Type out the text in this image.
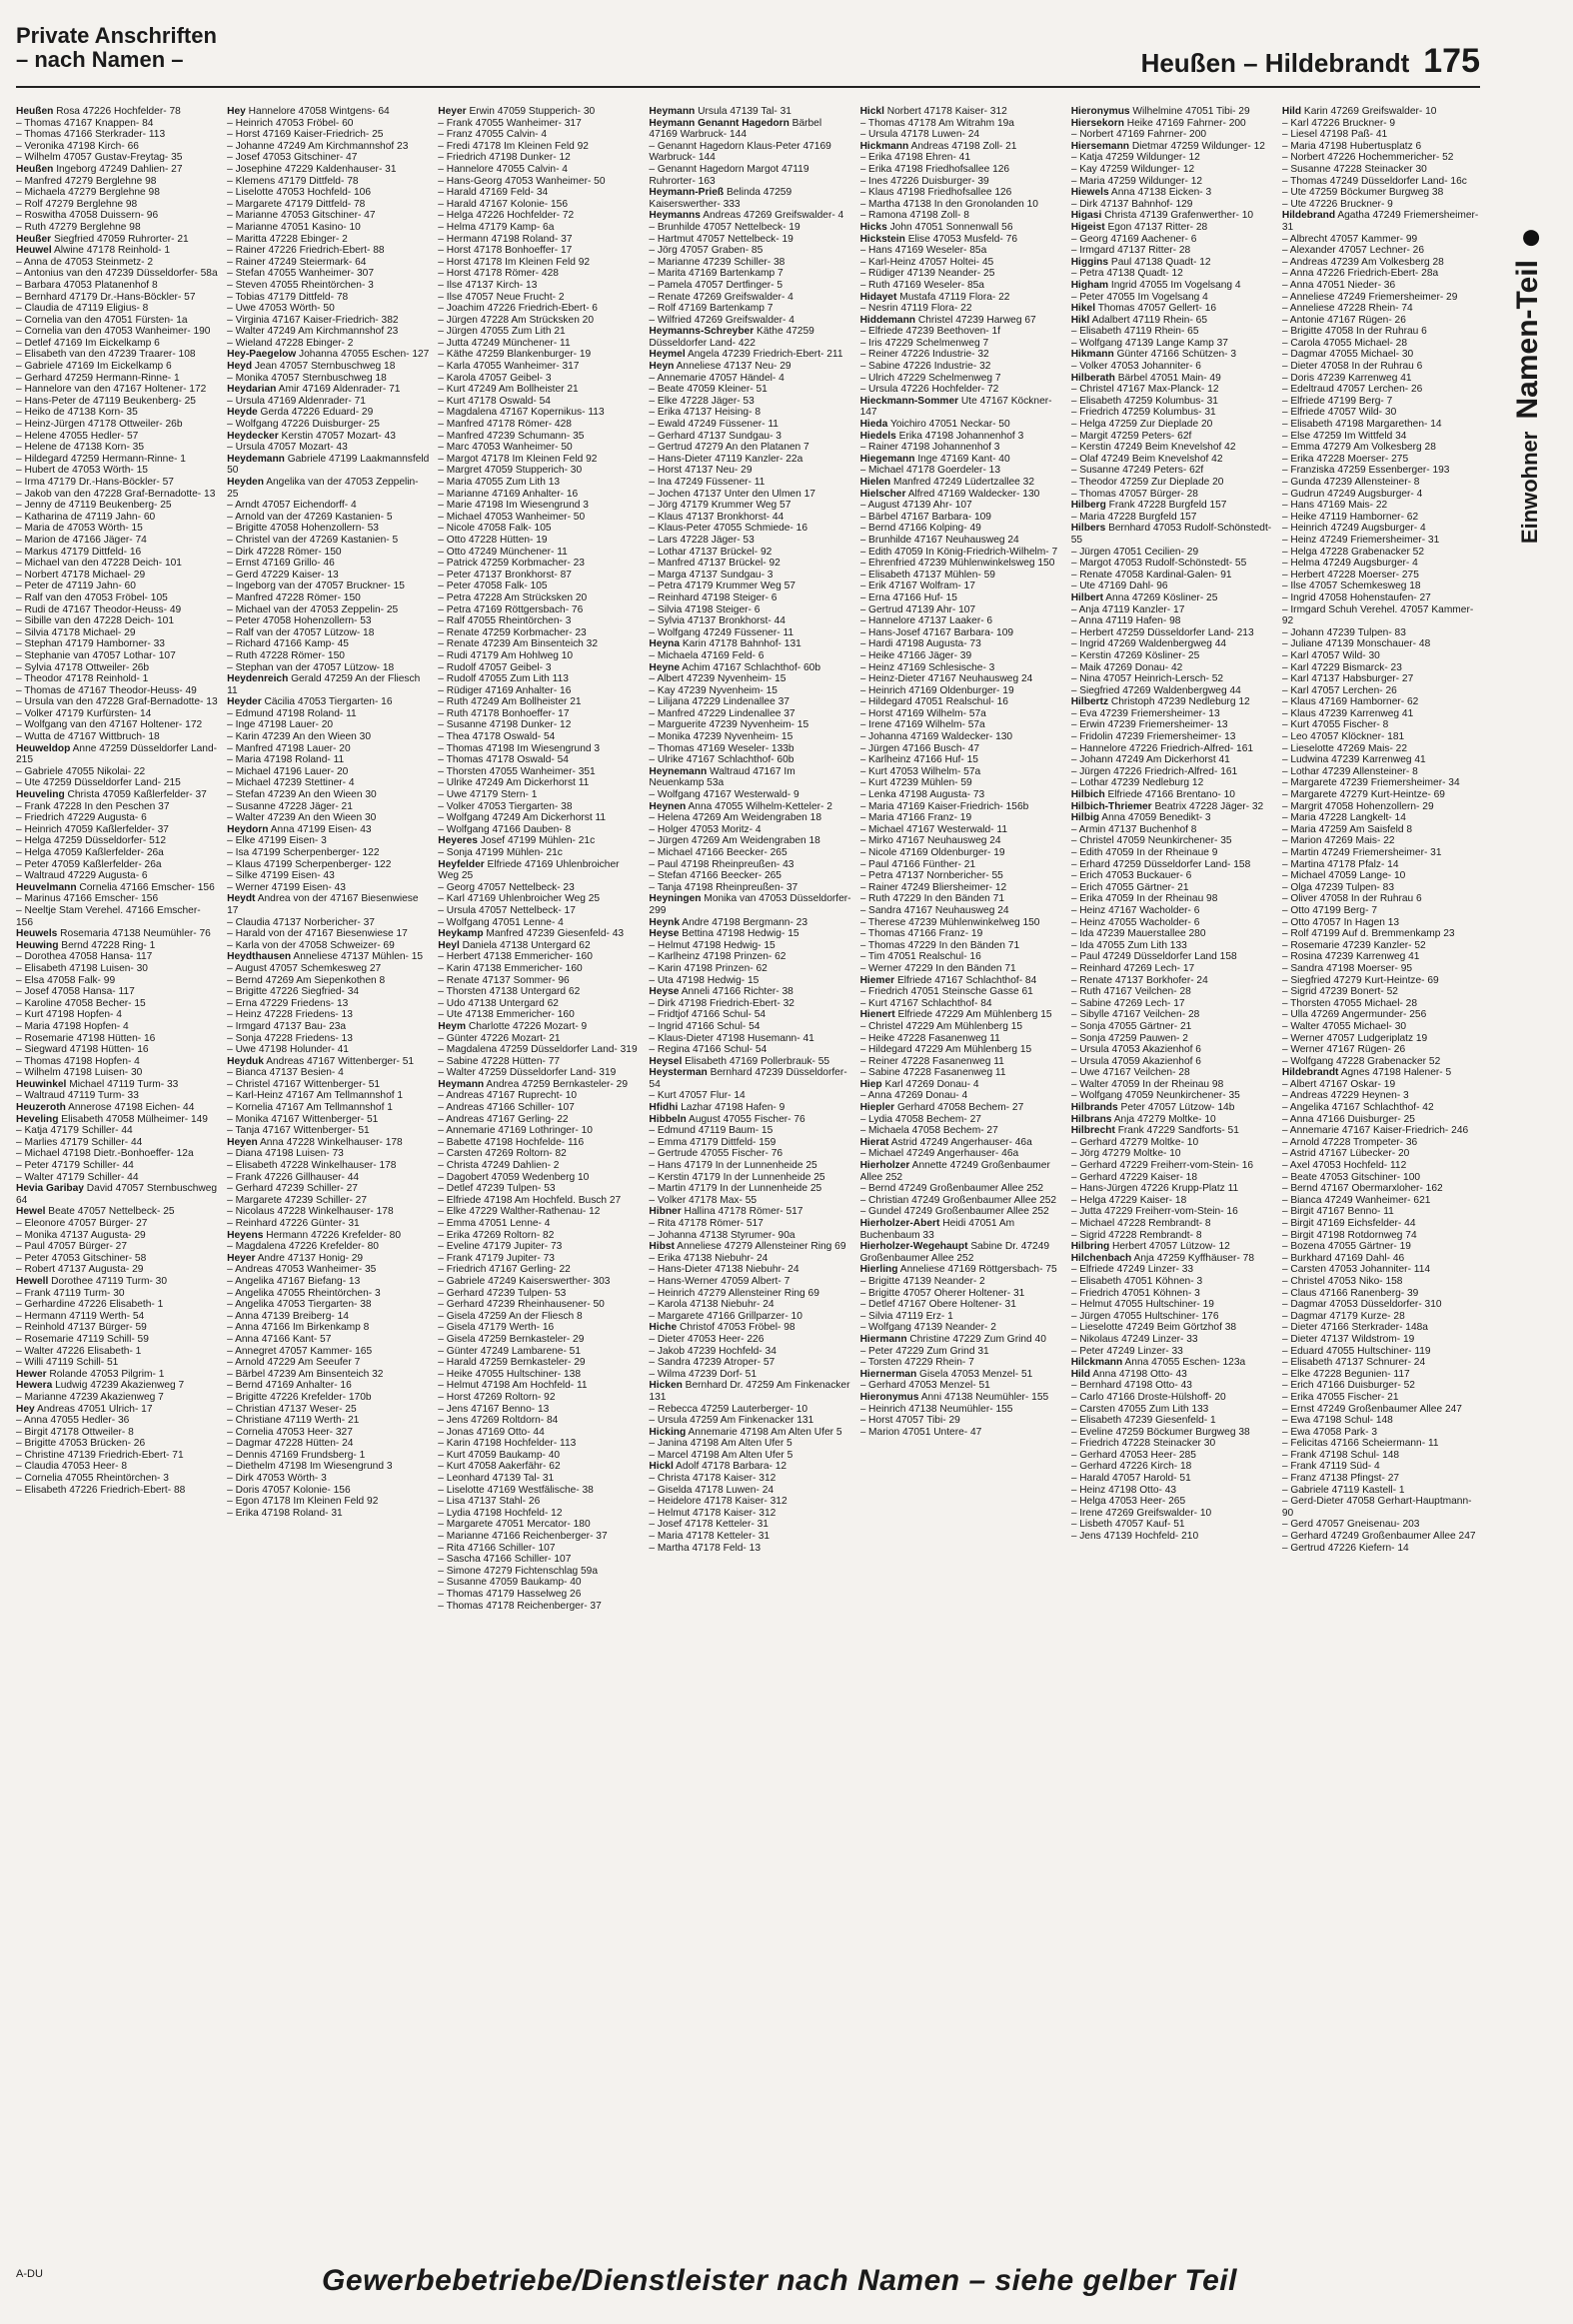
Private Anschriften
– nach Namen –	Heußen – Hildebrandt 175
Einwohner Namen-Teil
Heußen Rosa 47226 Hochfelder- 78
– Thomas 47167 Knappen- 84
– Thomas 47166 Sterkrader- 113
– Veronika 47198 Kirch- 66
– Wilhelm 47057 Gustav-Freytag- 35
Heußen Ingeborg 47249 Dahlien- 27
– Manfred 47279 Berglehne 98
– Michaela 47279 Berglehne 98
– Rolf 47279 Berglehne 98
– Roswitha 47058 Duissern- 96
– Ruth 47279 Berglehne 98
Heußer Siegfried 47059 Ruhrorter- 21
Heuwel Alwine 47178 Reinhold- 1
– Anna de 47053 Steinmetz- 2
– Antonius van den 47239 Düsseldorfer- 58a
– Barbara 47053 Platanenhof 8
– Bernhard 47179 Dr.-Hans-Böckler- 57
– Claudia de 47119 Eligius- 8
– Cornelia van den 47051 Fürsten- 1a
– Cornelia van den 47053 Wanheimer- 190
– Detlef 47169 Im Eickelkamp 6
– Elisabeth van den 47239 Traarer- 108
– Gabriele 47169 Im Eickelkamp 6
– Gerhard 47259 Hermann-Rinne- 1
– Hannelore van den 47167 Holtener- 172
– Hans-Peter de 47119 Beukenberg- 25
– Heiko de 47138 Korn- 35
– Heinz-Jürgen 47178 Ottweiler- 26b
– Helene 47055 Hedler- 57
– Helene de 47138 Korn- 35
– Hildegard 47259 Hermann-Rinne- 1
– Hubert de 47053 Wörth- 15
– Irma 47179 Dr.-Hans-Böckler- 57
– Jakob van den 47228 Graf-Bernadotte- 13
– Jenny de 47119 Beukenberg- 25
– Katharina de 47119 Jahn- 60
– Maria de 47053 Wörth- 15
– Marion de 47166 Jäger- 74
– Markus 47179 Dittfeld- 16
– Michael van den 47228 Deich- 101
– Norbert 47178 Michael- 29
– Peter de 47119 Jahn- 60
– Ralf van den 47053 Fröbel- 105
– Rudi de 47167 Theodor-Heuss- 49
– Sibille van den 47228 Deich- 101
– Silvia 47178 Michael- 29
– Stephan 47179 Hamborner- 33
– Stephanie van 47057 Lothar- 107
– Sylvia 47178 Ottweiler- 26b
– Theodor 47178 Reinhold- 1
– Thomas de 47167 Theodor-Heuss- 49
– Ursula van den 47228 Graf-Bernadotte- 13
– Volker 47179 Kurfürsten- 14
– Wolfgang van den 47167 Holtener- 172
– Wutta de 47167 Wittbruch- 18
Heuweldop Anne 47259 Düsseldorfer Land- 215
– Gabriele 47055 Nikolai- 22
– Ute 47259 Düsseldorfer Land- 215
Heuveling Christa 47059 Kaßlerfelder- 37
– Frank 47228 In den Peschen 37
– Friedrich 47229 Augusta- 6
– Heinrich 47059 Kaßlerfelder- 37
– Helga 47259 Düsseldorfer- 512
– Helga 47059 Kaßlerfelder- 26a
– Peter 47059 Kaßlerfelder- 26a
– Waltraud 47229 Augusta- 6
Heuvelmann Cornelia 47166 Emscher- 156
– Marinus 47166 Emscher- 156
– Neeltje Stam Verehel. 47166 Emscher- 156
Heuwels Rosemaria 47138 Neumühler- 76
Heuwing Bernd 47228 Ring- 1
– Dorothea 47058 Hansa- 117
– Elisabeth 47198 Luisen- 30
– Elsa 47058 Falk- 99
– Josef 47058 Hansa- 117
– Karoline 47058 Becher- 15
– Kurt 47198 Hopfen- 4
– Maria 47198 Hopfen- 4
– Rosemarie 47198 Hütten- 16
– Siegward 47198 Hütten- 16
– Thomas 47198 Hopfen- 4
– Wilhelm 47198 Luisen- 30
Heuwinkel Michael 47119 Turm- 33
– Waltraud 47119 Turm- 33
Heuzeroth Annerose 47198 Eichen- 44
Heveling Elisabeth 47058 Mülheimer- 149
– Katja 47179 Schiller- 44
– Marlies 47179 Schiller- 44
– Michael 47198 Dietr.-Bonhoeffer- 12a
– Peter 47179 Schiller- 44
– Walter 47179 Schiller- 44
Hevia Garibay David 47057 Sternbuschweg 64
Hewel Beate 47057 Nettelbeck- 25
– Eleonore 47057 Bürger- 27
– Monika 47137 Augusta- 29
– Paul 47057 Bürger- 27
– Peter 47053 Gitschiner- 58
– Robert 47137 Augusta- 29
Hewell Dorothee 47119 Turm- 30
– Frank 47119 Turm- 30
– Gerhardine 47226 Elisabeth- 1
– Hermann 47119 Werth- 54
– Reinhold 47137 Bürger- 59
– Rosemarie 47119 Schill- 59
– Walter 47226 Elisabeth- 1
– Willi 47119 Schill- 51
Hewer Rolande 47053 Pilgrim- 1
Hewera Ludwig 47239 Akazienweg 7
– Marianne 47239 Akazienweg 7
Hey Andreas 47051 Ulrich- 17
– Anna 47055 Hedler- 36
– Birgit 47178 Ottweiler- 8
– Brigitte 47053 Brücken- 26
– Christine 47139 Friedrich-Ebert- 71
– Claudia 47053 Heer- 8
– Cornelia 47055 Rheintörchen- 3
– Elisabeth 47226 Friedrich-Ebert- 88
Hey Hannelore 47058 Wintgens- 64
– Heinrich 47053 Fröbel- 60
– Horst 47169 Kaiser-Friedrich- 25
– Johanne 47249 Am Kirchmannshof 23
– Josef 47053 Gitschiner- 47
– Josephine 47229 Kaldenhauser- 31
– Klemens 47179 Dittfeld- 78
– Liselotte 47053 Hochfeld- 106
– Margarete 47179 Dittfeld- 78
– Marianne 47053 Gitschiner- 47
– Marianne 47051 Kasino- 10
– Maritta 47228 Ebinger- 2
– Rainer 47226 Friedrich-Ebert- 88
– Rainer 47249 Steiermark- 64
– Stefan 47055 Wanheimer- 307
– Steven 47055 Rheintörchen- 3
– Tobias 47179 Dittfeld- 78
– Uwe 47053 Wörth- 50
– Virginia 47167 Kaiser-Friedrich- 382
– Walter 47249 Am Kirchmannshof 23
– Wieland 47228 Ebinger- 2
Hey-Paegelow Johanna 47055 Eschen- 127
Heyd Jean 47057 Sternbuschweg 18
– Monika 47057 Sternbuschweg 18
Heydarian Amir 47169 Aldenrader- 71
– Ursula 47169 Aldenrader- 71
Heyde Gerda 47226 Eduard- 29
– Wolfgang 47226 Duisburger- 25
Heydecker Kerstin 47057 Mozart- 43
– Ursula 47057 Mozart- 43
Heydemann Gabriele 47199 Laakmannsfeld 50
Heyden Angelika van der 47053 Zeppelin- 25
– Arndt 47057 Eichendorff- 4
– Arnold van der 47269 Kastanien- 5
– Brigitte 47058 Hohenzollern- 53
– Christel van der 47269 Kastanien- 5
– Dirk 47228 Römer- 150
– Ernst 47169 Grillo- 46
– Gerd 47229 Kaiser- 13
– Ingeborg van der 47057 Bruckner- 15
– Manfred 47228 Römer- 150
– Michael van der 47053 Zeppelin- 25
– Peter 47058 Hohenzollern- 53
– Ralf van der 47057 Lützow- 18
– Richard 47166 Kamp- 45
– Ruth 47228 Römer- 150
– Stephan van der 47057 Lützow- 18
Heydenreich Gerald 47259 An der Fliesch 11
Heyder Cäcilia 47053 Tiergarten- 16
– Edmund 47198 Roland- 11
– Inge 47198 Lauer- 20
– Karin 47239 An den Wieen 30
– Manfred 47198 Lauer- 20
– Maria 47198 Roland- 11
– Michael 47196 Lauer- 20
– Michael 47239 Stettiner- 4
– Stefan 47239 An den Wieen 30
– Susanne 47228 Jäger- 21
– Walter 47239 An den Wieen 30
Heydorn Anna 47199 Eisen- 43
– Elke 47199 Eisen- 3
– Isa 47199 Scherpenberger- 122
– Klaus 47199 Scherpenberger- 122
– Silke 47199 Eisen- 43
– Werner 47199 Eisen- 43
Heydt Andrea von der 47167 Biesenwiese 17
– Claudia 47137 Norbericher- 37
– Harald von der 47167 Biesenwiese 17
– Karla von der 47058 Schweizer- 69
Heydthausen Anneliese 47137 Mühlen- 15
– August 47057 Schemkesweg 27
– Bernd 47269 Am Siepenkothen 8
– Brigitte 47226 Siegfried- 34
– Erna 47229 Friedens- 13
– Heinz 47228 Friedens- 13
– Irmgard 47137 Bau- 23a
– Sonja 47228 Friedens- 13
– Uwe 47198 Holunder- 41
Heyduk Andreas 47167 Wittenberger- 51
– Bianca 47137 Besien- 4
– Christel 47167 Wittenberger- 51
– Karl-Heinz 47167 Am Tellmannshof 1
– Kornelia 47167 Am Tellmannshof 1
– Monika 47167 Wittenberger- 51
– Tanja 47167 Wittenberger- 51
Heyen Anna 47228 Winkelhauser- 178
– Diana 47198 Luisen- 73
– Elisabeth 47228 Winkelhauser- 178
– Frank 47226 Gillhauser- 44
– Gerhard 47239 Schiller- 27
– Margarete 47239 Schiller- 27
– Nicolaus 47228 Winkelhauser- 178
– Reinhard 47226 Günter- 31
Heyens Hermann 47226 Krefelder- 80
– Magdalena 47226 Krefelder- 80
Heyer Andre 47137 Honig- 29
– Andreas 47053 Wanheimer- 35
– Angelika 47167 Biefang- 13
– Angelika 47055 Rheintörchen- 3
– Angelika 47053 Tiergarten- 38
– Anna 47139 Breiberg- 14
– Anna 47166 Im Birkenkamp 8
– Anna 47166 Kant- 57
– Annegret 47057 Kammer- 165
– Arnold 47229 Am Seeufer 7
– Bärbel 47239 Am Binsenteich 32
– Bernd 47169 Anhalter- 16
– Brigitte 47226 Krefelder- 170b
– Christian 47137 Weser- 25
– Christiane 47119 Werth- 21
– Cornelia 47053 Heer- 327
– Dagmar 47228 Hütten- 24
– Dennis 47169 Frundsberg- 1
– Diethelm 47198 Im Wiesengrund 3
– Dirk 47053 Wörth- 3
– Doris 47057 Kolonie- 156
– Egon 47178 Im Kleinen Feld 92
– Erika 47198 Roland- 31
Heyer Erwin 47059 Stupperich- 30
– Frank 47055 Wanheimer- 317
– Franz 47055 Calvin- 4
– Fredi 47178 Im Kleinen Feld 92
– Friedrich 47198 Dunker- 12
– Hannelore 47055 Calvin- 4
– Hans-Georg 47053 Wanheimer- 50
– Harald 47169 Feld- 34
– Harald 47167 Kolonie- 156
– Helga 47226 Hochfelder- 72
– Helma 47179 Kamp- 6a
– Hermann 47198 Roland- 37
– Horst 47178 Bonhoeffer- 17
– Horst 47178 Im Kleinen Feld 92
– Horst 47178 Römer- 428
– Ilse 47137 Kirch- 13
– Ilse 47057 Neue Frucht- 2
– Joachim 47226 Friedrich-Ebert- 6
– Jürgen 47228 Am Strücksken 20
– Jürgen 47055 Zum Lith 21
– Jutta 47249 Münchener- 11
– Käthe 47259 Blankenburger- 19
– Karla 47055 Wanheimer- 317
– Karola 47057 Geibel- 3
– Kurt 47249 Am Bollheister 21
– Kurt 47178 Oswald- 54
– Magdalena 47167 Kopernikus- 113
– Manfred 47178 Römer- 428
– Manfred 47239 Schumann- 35
– Marc 47053 Wanheimer- 50
– Margot 47178 Im Kleinen Feld 92
– Margret 47059 Stupperich- 30
– Maria 47055 Zum Lith 13
– Marianne 47169 Anhalter- 16
– Marie 47198 Im Wiesengrund 3
– Michael 47053 Wanheimer- 50
– Nicole 47058 Falk- 105
– Otto 47228 Hütten- 19
– Otto 47249 Münchener- 11
– Patrick 47259 Korbmacher- 23
– Peter 47137 Bronkhorst- 87
– Peter 47058 Falk- 105
– Petra 47228 Am Strücksken 20
– Petra 47169 Röttgersbach- 76
– Ralf 47055 Rheintörchen- 3
– Renate 47259 Korbmacher- 23
– Renate 47239 Am Binsenteich 32
– Rudi 47179 Am Hohlweg 10
– Rudolf 47057 Geibel- 3
– Rudolf 47055 Zum Lith 113
– Rüdiger 47169 Anhalter- 16
– Ruth 47249 Am Bollheister 21
– Ruth 47178 Bonhoeffer- 17
– Susanne 47198 Dunker- 12
– Thea 47178 Oswald- 54
– Thomas 47198 Im Wiesengrund 3
– Thomas 47178 Oswald- 54
– Thorsten 47055 Wanheimer- 351
– Ulrike 47249 Am Dickerhorst 11
– Uwe 47179 Stern- 1
– Volker 47053 Tiergarten- 38
– Wolfgang 47249 Am Dickerhorst 11
– Wolfgang 47166 Dauben- 8
Heyeres Josef 47199 Mühlen- 21c
– Sonja 47199 Mühlen- 21c
Heyfelder Elfriede 47169 Uhlenbroicher Weg 25
– Georg 47057 Nettelbeck- 23
– Karl 47169 Uhlenbroicher Weg 25
– Ursula 47057 Nettelbeck- 17
– Wolfgang 47051 Lenne- 4
Heykamp Manfred 47239 Giesenfeld- 43
Heyl Daniela 47138 Untergard 62
– Herbert 47138 Emmericher- 160
– Karin 47138 Emmericher- 160
– Renate 47137 Sommer- 96
– Thorsten 47138 Untergard 62
– Udo 47138 Untergard 62
– Ute 47138 Emmericher- 160
Heym Charlotte 47226 Mozart- 9
– Günter 47226 Mozart- 21
– Magdalena 47259 Düsseldorfer Land- 319
– Sabine 47228 Hütten- 77
– Walter 47259 Düsseldorfer Land- 319
Heymann Andrea 47259 Bernkasteler- 29
– Andreas 47167 Ruprecht- 10
– Andreas 47166 Schiller- 107
– Andreas 47167 Gerling- 22
– Annemarie 47169 Lothringer- 10
– Babette 47198 Hochfelde- 116
– Carsten 47269 Roltorn- 82
– Christa 47249 Dahlien- 2
– Dagobert 47059 Wedenberg 10
– Detlef 47239 Tulpen- 53
– Elfriede 47198 Am Hochfeld. Busch 27
– Elke 47229 Walther-Rathenau- 12
– Emma 47051 Lenne- 4
– Erika 47269 Roltorn- 82
– Eveline 47179 Jupiter- 73
– Frank 47179 Jupiter- 73
– Friedrich 47167 Gerling- 22
– Gabriele 47249 Kaiserswerther- 303
– Gerhard 47239 Tulpen- 53
– Gerhard 47239 Rheinhausener- 50
– Gisela 47259 An der Fliesch 8
– Gisela 47179 Werth- 16
– Gisela 47259 Bernkasteler- 29
– Günter 47249 Lambarene- 51
– Harald 47259 Bernkasteler- 29
– Heike 47055 Hultschiner- 138
– Helmut 47198 Am Hochfeld- 11
– Horst 47269 Roltorn- 92
– Jens 47167 Benno- 13
– Jens 47269 Roltdorn- 84
– Jonas 47169 Otto- 44
– Karin 47198 Hochfelder- 113
– Kurt 47059 Baukamp- 40
– Kurt 47058 Aakerfähr- 62
– Leonhard 47139 Tal- 31
– Liselotte 47169 Westfälische- 38
– Lisa 47137 Stahl- 26
– Lydia 47198 Hochfeld- 12
– Margarete 47051 Mercator- 180
– Marianne 47166 Reichenberger- 37
– Rita 47166 Schiller- 107
– Sascha 47166 Schiller- 107
– Simone 47279 Fichtenschlag 59a
– Susanne 47059 Baukamp- 40
– Thomas 47179 Hasselweg 26
– Thomas 47178 Reichenberger- 37
Heymann Ursula 47139 Tal- 31
Heymann Genannt Hagedorn Bärbel 47169 Warbruck- 144
– Genannt Hagedorn Klaus-Peter 47169 Warbruck- 144
– Genannt Hagedorn Margot 47119 Ruhrorter- 163
Heymann-Prieß Belinda 47259 Kaiserswerther- 333
Heymanns Andreas 47269 Greifswalder- 4
– Brunhilde 47057 Nettelbeck- 19
– Hartmut 47057 Nettelbeck- 19
– Jörg 47057 Graben- 85
– Marianne 47239 Schiller- 38
– Marita 47169 Bartenkamp 7
– Pamela 47057 Dertfinger- 5
– Renate 47269 Greifswalder- 4
– Rolf 47169 Bartenkamp 7
– Wilfried 47269 Greifswalder- 4
Heymanns-Schreyber Käthe 47259 Düsseldorfer Land- 422
Heymel Angela 47239 Friedrich-Ebert- 211
Heyn Anneliese 47137 Neu- 29
– Annemarie 47057 Händel- 4
– Beate 47059 Kleiner- 51
– Elke 47228 Jäger- 53
– Erika 47137 Heising- 8
– Ewald 47249 Füssener- 11
– Gerhard 47137 Sundgau- 3
– Gertrud 47279 An den Platanen 7
– Hans-Dieter 47119 Kanzler- 22a
– Horst 47137 Neu- 29
– Ina 47249 Füssener- 11
– Jochen 47137 Unter den Ulmen 17
– Jörg 47179 Krummer Weg 57
– Klaus 47137 Bronkhorst- 44
– Klaus-Peter 47055 Schmiede- 16
– Lars 47228 Jäger- 53
– Lothar 47137 Brückel- 92
– Manfred 47137 Brückel- 92
– Marga 47137 Sundgau- 3
– Petra 47179 Krummer Weg 57
– Reinhard 47198 Steiger- 6
– Silvia 47198 Steiger- 6
– Sylvia 47137 Bronkhorst- 44
– Wolfgang 47249 Füssener- 11
Heyna Karin 47178 Bahnhof- 131
– Michaela 47169 Feld- 6
Heyne Achim 47167 Schlachthof- 60b
– Albert 47239 Nyvenheim- 15
– Kay 47239 Nyvenheim- 15
– Lilijana 47229 Lindenallee 37
– Manfred 47229 Lindenallee 37
– Marguerite 47239 Nyvenheim- 15
– Monika 47239 Nyvenheim- 15
– Thomas 47169 Weseler- 133b
– Ulrike 47167 Schlachthof- 60b
Heynemann Waltraud 47167 Im Neuenkamp 53a
– Wolfgang 47167 Westerwald- 9
Heynen Anna 47055 Wilhelm-Ketteler- 2
– Helena 47269 Am Weidengraben 18
– Holger 47053 Moritz- 4
– Jürgen 47269 Am Weidengraben 18
– Michael 47166 Beecker- 265
– Paul 47198 Rheinpreußen- 43
– Stefan 47166 Beecker- 265
– Tanja 47198 Rheinpreußen- 37
Heyningen Monika van 47053 Düsseldorfer- 299
Heynk Andre 47198 Bergmann- 23
Heyse Bettina 47198 Hedwig- 15
– Helmut 47198 Hedwig- 15
– Karlheinz 47198 Prinzen- 62
– Karin 47198 Prinzen- 62
– Uta 47198 Hedwig- 15
Heyse Anneli 47166 Richter- 38
– Dirk 47198 Friedrich-Ebert- 32
– Fridtjof 47166 Schul- 54
– Ingrid 47166 Schul- 54
– Klaus-Dieter 47198 Husemann- 41
– Regina 47166 Schul- 54
Heysel Elisabeth 47169 Pollerbrauk- 55
Heysterman Bernhard 47239 Düsseldorfer- 54
– Kurt 47057 Flur- 14
Hfidhi Lazhar 47198 Hafen- 9
Hibbeln August 47055 Fischer- 76
– Edmund 47119 Baum- 15
– Emma 47179 Dittfeld- 159
– Gertrude 47055 Fischer- 76
– Hans 47179 In der Lunnenheide 25
– Kerstin 47179 In der Lunnenheide 25
– Martin 47179 In der Lunnenheide 25
– Volker 47178 Max- 55
Hibner Hallina 47178 Römer- 517
– Rita 47178 Römer- 517
– Johanna 47138 Styrumer- 90a
Hibst Anneliese 47279 Allensteiner Ring 69
– Erika 47138 Niebuhr- 24
– Hans-Dieter 47138 Niebuhr- 24
– Hans-Werner 47059 Albert- 7
– Heinrich 47279 Allensteiner Ring 69
– Karola 47138 Niebuhr- 24
– Margarete 47166 Grillparzer- 10
Hiche Christof 47053 Fröbel- 98
– Dieter 47053 Heer- 226
– Jakob 47239 Hochfeld- 34
– Sandra 47239 Atroper- 57
– Wilma 47239 Dorf- 51
Hicken Bernhard Dr. 47259 Am Finkenacker 131
– Rebecca 47259 Lauterberger- 10
– Ursula 47259 Am Finkenacker 131
Hicking Annemarie 47198 Am Alten Ufer 5
– Janina 47198 Am Alten Ufer 5
– Marcel 47198 Am Alten Ufer 5
Hickl Adolf 47178 Barbara- 12
– Christa 47178 Kaiser- 312
– Giselda 47178 Luwen- 24
– Heidelore 47178 Kaiser- 312
– Helmut 47178 Kaiser- 312
– Josef 47178 Ketteler- 31
– Maria 47178 Ketteler- 31
– Martha 47178 Feld- 13
Hickl Norbert 47178 Kaiser- 312
– Thomas 47178 Am Witrahm 19a
– Ursula 47178 Luwen- 24
Hickmann Andreas 47198 Zoll- 21
– Erika 47198 Ehren- 41
– Erika 47198 Friedhofsallee 126
– Ines 47226 Duisburger- 39
– Klaus 47198 Friedhofsallee 126
– Martha 47138 In den Gronolanden 10
– Ramona 47198 Zoll- 8
Hicks John 47051 Sonnenwall 56
Hickstein Elise 47053 Musfeld- 76
– Hans 47169 Weseler- 85a
– Karl-Heinz 47057 Holtei- 45
– Rüdiger 47139 Neander- 25
– Ruth 47169 Weseler- 85a
Hidayet Mustafa 47119 Flora- 22
– Nesrin 47119 Flora- 22
Hiddemann Christel 47239 Harweg 67
– Elfriede 47239 Beethoven- 1f
– Iris 47229 Schelmenweg 7
– Reiner 47226 Industrie- 32
– Sabine 47226 Industrie- 32
– Ulrich 47229 Schelmenweg 7
– Ursula 47226 Hochfelder- 72
Hieckmann-Sommer Ute 47167 Köckner- 147
Hieda Yoichiro 47051 Neckar- 50
Hiedels Erika 47198 Johannenhof 3
– Rainer 47198 Johannenhof 3
Hiegemann Inge 47169 Kant- 40
– Michael 47178 Goerdeler- 13
Hielen Manfred 47249 Lüdertzallee 32
Hielscher Alfred 47169 Waldecker- 130
– August 47139 Ahr- 107
– Bärbel 47167 Barbara- 109
– Bernd 47166 Kolping- 49
– Brunhilde 47167 Neuhausweg 24
– Edith 47059 In König-Friedrich-Wilhelm- 7
– Ehrenfried 47239 Mühlenwinkelsweg 150
– Elisabeth 47137 Mühlen- 59
– Erik 47167 Wolfram- 17
– Erna 47166 Huf- 15
– Gertrud 47139 Ahr- 107
– Hannelore 47137 Laaker- 6
– Hans-Josef 47167 Barbara- 109
– Hardi 47198 Augusta- 73
– Heike 47166 Jäger- 39
– Heinz 47169 Schlesische- 3
– Heinz-Dieter 47167 Neuhausweg 24
– Heinrich 47169 Oldenburger- 19
– Hildegard 47051 Realschul- 16
– Horst 47169 Wilhelm- 57a
– Irene 47169 Wilhelm- 57a
– Johanna 47169 Waldecker- 130
– Jürgen 47166 Busch- 47
– Karlheinz 47166 Huf- 15
– Kurt 47053 Wilhelm- 57a
– Kurt 47239 Mühlen- 59
– Lenka 47198 Augusta- 73
– Maria 47169 Kaiser-Friedrich- 156b
– Maria 47166 Franz- 19
– Michael 47167 Westerwald- 11
– Mirko 47167 Neuhausweg 24
– Nicole 47169 Oldenburger- 19
– Paul 47166 Fünther- 21
– Petra 47137 Nornbericher- 55
– Rainer 47249 Bliersheimer- 12
– Ruth 47229 In den Bänden 71
– Sandra 47167 Neuhausweg 24
– Therese 47239 Mühlenwinkelweg 150
– Thomas 47166 Franz- 19
– Thomas 47229 In den Bänden 71
– Tim 47051 Realschul- 16
– Werner 47229 In den Bänden 71
Hiemer Elfriede 47167 Schlachthof- 84
– Friedrich 47051 Steinsche Gasse 61
– Kurt 47167 Schlachthof- 84
Hienert Elfriede 47229 Am Mühlenberg 15
– Christel 47229 Am Mühlenberg 15
– Heike 47228 Fasanenweg 11
– Hildegard 47229 Am Mühlenberg 15
– Reiner 47228 Fasanenweg 11
– Sabine 47228 Fasanenweg 11
Hiep Karl 47269 Donau- 4
– Anna 47269 Donau- 4
Hiepler Gerhard 47058 Bechem- 27
– Lydia 47058 Bechem- 27
– Michaela 47058 Bechem- 27
Hierat Astrid 47249 Angerhauser- 46a
– Michael 47249 Angerhauser- 46a
Hierholzer Annette 47249 Großenbaumer Allee 252
– Bernd 47249 Großenbaumer Allee 252
– Christian 47249 Großenbaumer Allee 252
– Gundel 47249 Großenbaumer Allee 252
Hierholzer-Abert Heidi 47051 Am Buchenbaum 33
Hierholzer-Wegehaupt Sabine Dr. 47249 Großenbaumer Allee 252
Hierling Anneliese 47169 Röttgersbach- 75
– Brigitte 47139 Neander- 2
– Brigitte 47057 Oherer Holtener- 31
– Detlef 47167 Obere Holtener- 31
– Silvia 47119 Erz- 1
– Wolfgang 47139 Neander- 2
Hiermann Christine 47229 Zum Grind 40
– Peter 47229 Zum Grind 31
– Torsten 47229 Rhein- 7
Hiernerman Gisela 47053 Menzel- 51
– Gerhard 47053 Menzel- 51
Hieronymus Anni 47138 Neumühler- 155
– Heinrich 47138 Neumühler- 155
– Horst 47057 Tibi- 29
– Marion 47051 Untere- 47
Hieronymus Wilhelmine 47051 Tibi- 29
Hiersekorn Heike 47169 Fahrner- 200
– Norbert 47169 Fahrner- 200
Hiersemann Dietmar 47259 Wildunger- 12
– Katja 47259 Wildunger- 12
– Kay 47259 Wildunger- 12
– Maria 47259 Wildunger- 12
Hiewels Anna 47138 Eicken- 3
– Dirk 47137 Bahnhof- 129
Higasi Christa 47139 Grafenwerther- 10
Higeist Egon 47137 Ritter- 28
– Georg 47169 Aachener- 6
– Irmgard 47137 Ritter- 28
Higgins Paul 47138 Quadt- 12
– Petra 47138 Quadt- 12
Higham Ingrid 47055 Im Vogelsang 4
– Peter 47055 Im Vogelsang 4
Hikel Thomas 47057 Gellert- 16
Hikl Adalbert 47119 Rhein- 65
– Elisabeth 47119 Rhein- 65
– Wolfgang 47139 Lange Kamp 37
Hikmann Günter 47166 Schützen- 3
– Volker 47053 Johanniter- 6
Hilberath Bärbel 47051 Main- 49
– Christel 47167 Max-Planck- 12
– Elisabeth 47259 Kolumbus- 31
– Friedrich 47259 Kolumbus- 31
– Helga 47259 Zur Dieplade 20
– Margit 47259 Peters- 62f
– Kerstin 47249 Beim Knevelshof 42
– Olaf 47249 Beim Knevelshof 42
– Susanne 47249 Peters- 62f
– Theodor 47259 Zur Dieplade 20
– Thomas 47057 Bürger- 28
Hilberg Frank 47228 Burgfeld 157
– Maria 47228 Burgfeld 157
Hilbers Bernhard 47053 Rudolf-Schönstedt- 55
– Jürgen 47051 Cecilien- 29
– Margot 47053 Rudolf-Schönstedt- 55
– Renate 47058 Kardinal-Galen- 91
– Ute 47169 Dahl- 96
Hilbert Anna 47269 Kösliner- 25
– Anja 47119 Kanzler- 17
– Anna 47119 Hafen- 98
– Herbert 47259 Düsseldorfer Land- 213
– Ingrid 47269 Waldenbergweg 44
– Kerstin 47269 Kösliner- 25
– Maik 47269 Donau- 42
– Nina 47057 Heinrich-Lersch- 52
– Siegfried 47269 Waldenbergweg 44
Hilbertz Christoph 47239 Nedleburg 12
– Eva 47239 Friemersheimer- 13
– Erwin 47239 Friemersheimer- 13
– Fridolin 47239 Friemersheimer- 13
– Hannelore 47226 Friedrich-Alfred- 161
– Johann 47249 Am Dickerhorst 41
– Jürgen 47226 Friedrich-Alfred- 161
– Lothar 47239 Nedleburg 12
Hilbich Elfriede 47166 Brentano- 10
Hilbich-Thriemer Beatrix 47228 Jäger- 32
Hilbig Anna 47059 Benedikt- 3
– Armin 47137 Buchenhof 8
– Christel 47059 Neunkirchener- 35
– Edith 47059 In der Rheinaue 9
– Erhard 47259 Düsseldorfer Land- 158
– Erich 47053 Buckauer- 6
– Erich 47055 Gärtner- 21
– Erika 47059 In der Rheinau 98
– Heinz 47167 Wacholder- 6
– Heinz 47055 Wacholder- 6
– Ida 47239 Mauerstallee 280
– Ida 47055 Zum Lith 133
– Paul 47249 Düsseldorfer Land 158
– Reinhard 47269 Lech- 17
– Renate 47137 Borkhofer- 24
– Ruth 47167 Veilchen- 28
– Sabine 47269 Lech- 17
– Sibylle 47167 Veilchen- 28
– Sonja 47055 Gärtner- 21
– Sonja 47259 Pauwen- 2
– Ursula 47053 Akazienhof 6
– Ursula 47059 Akazienhof 6
– Uwe 47167 Veilchen- 28
– Walter 47059 In der Rheinau 98
– Wolfgang 47059 Neunkirchener- 35
Hilbrands Peter 47057 Lützow- 14b
Hilbrans Anja 47279 Moltke- 10
Hilbrecht Frank 47229 Sandforts- 51
– Gerhard 47279 Moltke- 10
– Jörg 47279 Moltke- 10
– Gerhard 47229 Freiherr-vom-Stein- 16
– Gerhard 47229 Kaiser- 18
– Hans-Jürgen 47226 Krupp-Platz 11
– Helga 47229 Kaiser- 18
– Jutta 47229 Freiherr-vom-Stein- 16
– Michael 47228 Rembrandt- 8
– Sigrid 47228 Rembrandt- 8
Hilbring Herbert 47057 Lützow- 12
Hilchenbach Anja 47259 Kyffhäuser- 78
– Elfriede 47249 Linzer- 33
– Elisabeth 47051 Köhnen- 3
– Friedrich 47051 Köhnen- 3
– Helmut 47055 Hultschiner- 19
– Jürgen 47055 Hultschiner- 176
– Lieselotte 47249 Beim Görtzhof 38
– Nikolaus 47249 Linzer- 33
– Peter 47249 Linzer- 33
Hilckmann Anna 47055 Eschen- 123a
Hild Anna 47198 Otto- 43
– Bernhard 47198 Otto- 43
– Carlo 47166 Droste-Hülshoff- 20
– Carsten 47055 Zum Lith 133
– Elisabeth 47239 Giesenfeld- 1
– Eveline 47259 Böckumer Burgweg 38
– Friedrich 47228 Steinacker 30
– Gerhard 47053 Heer- 285
– Gerhard 47226 Kirch- 18
– Harald 47057 Harold- 51
– Heinz 47198 Otto- 43
– Helga 47053 Heer- 265
– Irene 47269 Greifswalder- 10
– Lisbeth 47057 Kauf- 51
– Jens 47139 Hochfeld- 210
Hild Karin 47269 Greifswalder- 10
– Karl 47226 Bruckner- 9
– Liesel 47198 Paß- 41
– Maria 47198 Hubertusplatz 6
– Norbert 47226 Hochemmericher- 52
– Susanne 47228 Steinacker 30
– Thomas 47249 Düsseldorfer Land- 16c
– Ute 47259 Böckumer Burgweg 38
– Ute 47226 Bruckner- 9
Hildebrand Agatha 47249 Friemersheimer- 31
– Albrecht 47057 Kammer- 99
– Alexander 47057 Lechner- 26
– Andreas 47239 Am Volkesberg 28
– Anna 47226 Friedrich-Ebert- 28a
– Anna 47051 Nieder- 36
– Anneliese 47249 Friemersheimer- 29
– Anneliese 47228 Rhein- 74
– Antonie 47167 Rügen- 26
– Brigitte 47058 In der Ruhrau 6
– Carola 47055 Michael- 28
– Dagmar 47055 Michael- 30
– Dieter 47058 In der Ruhrau 6
– Doris 47239 Karrenweg 41
– Edeltraud 47057 Lerchen- 26
– Elfriede 47199 Berg- 7
– Elfriede 47057 Wild- 30
– Elisabeth 47198 Margarethen- 14
– Else 47259 Im Wittfeld 34
– Emma 47279 Am Volkesberg 28
– Erika 47228 Moerser- 275
– Franziska 47259 Essenberger- 193
– Gunda 47239 Allensteiner- 8
– Gudrun 47249 Augsburger- 4
– Hans 47169 Mais- 22
– Heike 47119 Hamborner- 62
– Heinrich 47249 Augsburger- 4
– Heinz 47249 Friemersheimer- 31
– Helga 47228 Grabenacker 52
– Helma 47249 Augsburger- 4
– Herbert 47228 Moerser- 275
– Ilse 47057 Schemkesweg 18
– Ingrid 47058 Hohenstaufen- 27
– Irmgard Schuh Verehel. 47057 Kammer- 92
– Johann 47239 Tulpen- 83
– Juliane 47139 Monschauer- 48
– Karl 47057 Wild- 30
– Karl 47229 Bismarck- 23
– Karl 47137 Habsburger- 27
– Karl 47057 Lerchen- 26
– Klaus 47169 Hamborner- 62
– Klaus 47239 Karrenweg 41
– Kurt 47055 Fischer- 8
– Leo 47057 Klöckner- 181
– Lieselotte 47269 Mais- 22
– Ludwina 47239 Karrenweg 41
– Lothar 47239 Allensteiner- 8
– Margarete 47239 Friemersheimer- 34
– Margarete 47279 Kurt-Heintze- 69
– Margrit 47058 Hohenzollern- 29
– Maria 47228 Langkelt- 14
– Maria 47259 Am Saisfeld 8
– Marion 47269 Mais- 22
– Martin 47249 Friemersheimer- 31
– Martina 47178 Pfalz- 14
– Michael 47059 Lange- 10
– Olga 47239 Tulpen- 83
– Oliver 47058 In der Ruhrau 6
– Otto 47199 Berg- 7
– Otto 47057 In Hagen 13
– Rolf 47199 Auf d. Bremmenkamp 23
– Rosemarie 47239 Kanzler- 52
– Rosina 47239 Karrenweg 41
– Sandra 47198 Moerser- 95
– Siegfried 47279 Kurt-Heintze- 69
– Sigrid 47239 Bonert- 52
– Thorsten 47055 Michael- 28
– Ulla 47269 Angermunder- 256
– Walter 47055 Michael- 30
– Werner 47057 Ludgeriplatz 19
– Werner 47167 Rügen- 26
– Wolfgang 47228 Grabenacker 52
Hildebrandt Agnes 47198 Halener- 5
– Albert 47167 Oskar- 19
– Andreas 47229 Heynen- 3
– Angelika 47167 Schlachthof- 42
– Anna 47166 Duisburger- 25
– Annemarie 47167 Kaiser-Friedrich- 246
– Arnold 47228 Trompeter- 36
– Astrid 47167 Lübecker- 20
– Axel 47053 Hochfeld- 112
– Beate 47053 Gitschiner- 100
– Bernd 47167 Obermarxloher- 162
– Bianca 47249 Wanheimer- 621
– Birgit 47167 Benno- 11
– Birgit 47169 Eichsfelder- 44
– Birgit 47198 Rotdornweg 74
– Bozena 47055 Gärtner- 19
– Burkhard 47169 Dahl- 46
– Carsten 47053 Johanniter- 114
– Christel 47053 Niko- 158
– Claus 47166 Ranenberg- 39
– Dagmar 47053 Düsseldorfer- 310
– Dagmar 47179 Kurze- 28
– Dieter 47166 Sterkrader- 148a
– Dieter 47137 Wildstrom- 19
– Eduard 47055 Hultschiner- 119
– Elisabeth 47137 Schnurer- 24
– Elke 47228 Begunien- 117
– Erich 47166 Duisburger- 52
– Erika 47055 Fischer- 21
– Ernst 47249 Großenbaumer Allee 247
– Ewa 47198 Schul- 148
– Ewa 47058 Park- 3
– Felicitas 47166 Scheiermann- 11
– Frank 47198 Schul- 148
– Frank 47119 Süd- 4
– Franz 47138 Pfingst- 27
– Gabriele 47119 Kastell- 1
– Gerd-Dieter 47058 Gerhart-Hauptmann- 90
– Gerd 47057 Gneisenau- 203
– Gerhard 47249 Großenbaumer Allee 247
– Gertrud 47226 Kiefern- 14
A-DU	Gewerbebetriebe/Dienstleister nach Namen – siehe gelber Teil
